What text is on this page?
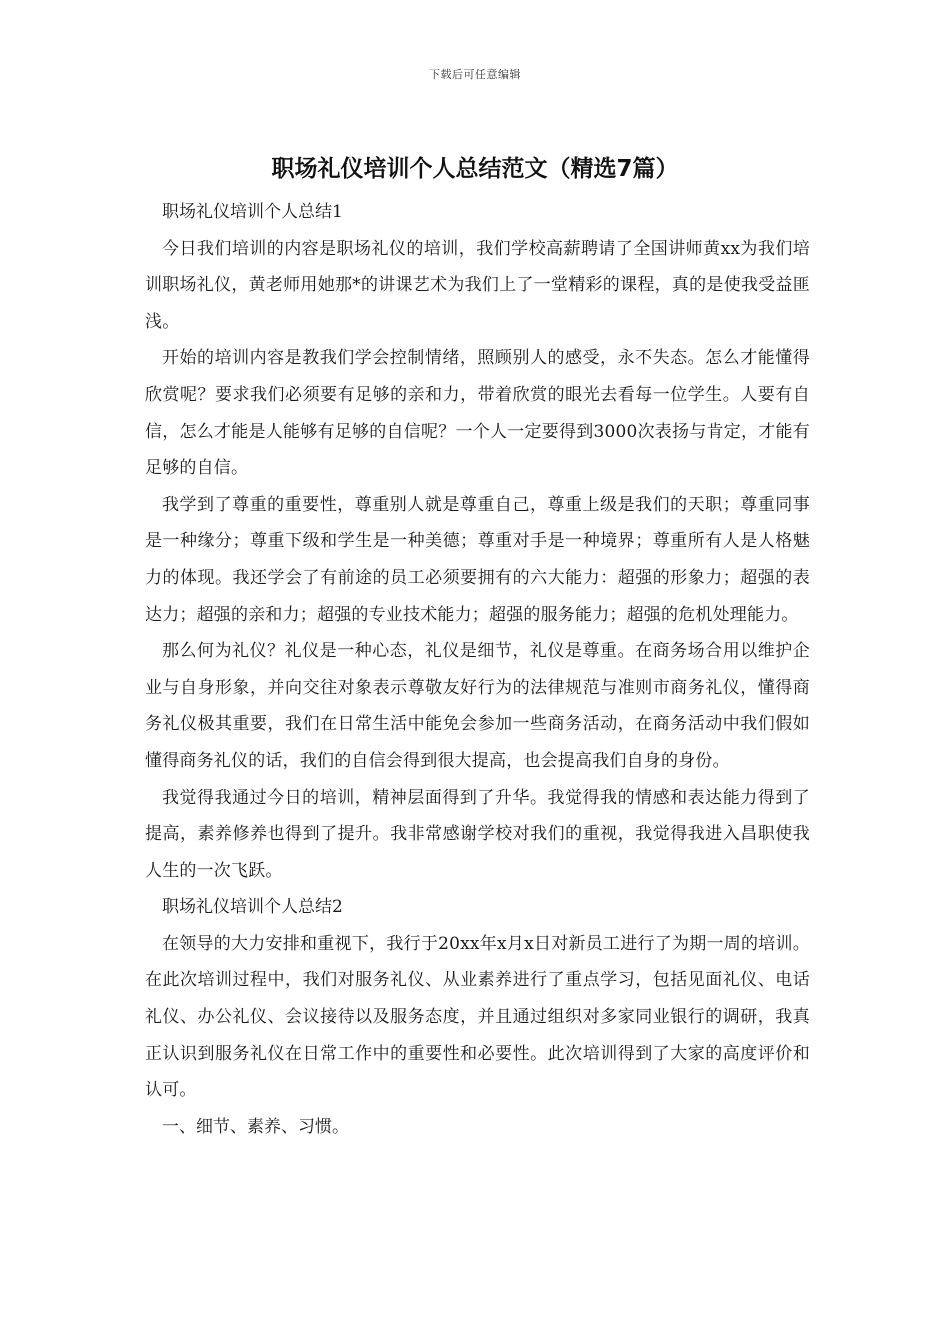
下载后可任意编辑
职场礼仪培训个人总结范文（精选7篇）

职场礼仪培训个人总结1

今日我们培训的内容是职场礼仪的培训，我们学校高薪聘请了全国讲师黄xx为我们培训职场礼仪，黄老师用她那*的讲课艺术为我们上了一堂精彩的课程，真的是使我受益匪浅。

开始的培训内容是教我们学会控制情绪，照顾别人的感受，永不失态。怎么才能懂得欣赏呢？要求我们必须要有足够的亲和力，带着欣赏的眼光去看每一位学生。人要有自信，怎么才能是人能够有足够的自信呢？一个人一定要得到3000次表扬与肯定，才能有足够的自信。

我学到了尊重的重要性，尊重别人就是尊重自己，尊重上级是我们的天职；尊重同事是一种缘分；尊重下级和学生是一种美德；尊重对手是一种境界；尊重所有人是人格魅力的体现。我还学会了有前途的员工必须要拥有的六大能力：超强的形象力；超强的表达力；超强的亲和力；超强的专业技术能力；超强的服务能力；超强的危机处理能力。

那么何为礼仪？礼仪是一种心态，礼仪是细节，礼仪是尊重。在商务场合用以维护企业与自身形象，并向交往对象表示尊敬友好行为的法律规范与准则市商务礼仪，懂得商务礼仪极其重要，我们在日常生活中能免会参加一些商务活动，在商务活动中我们假如懂得商务礼仪的话，我们的自信会得到很大提高，也会提高我们自身的身份。

我觉得我通过今日的培训，精神层面得到了升华。我觉得我的情感和表达能力得到了提高，素养修养也得到了提升。我非常感谢学校对我们的重视，我觉得我进入昌职使我人生的一次飞跃。

职场礼仪培训个人总结2

在领导的大力安排和重视下，我行于20xx年x月x日对新员工进行了为期一周的培训。在此次培训过程中，我们对服务礼仪、从业素养进行了重点学习，包括见面礼仪、电话礼仪、办公礼仪、会议接待以及服务态度，并且通过组织对多家同业银行的调研，我真正认识到服务礼仪在日常工作中的重要性和必要性。此次培训得到了大家的高度评价和认可。

一、细节、素养、习惯。
